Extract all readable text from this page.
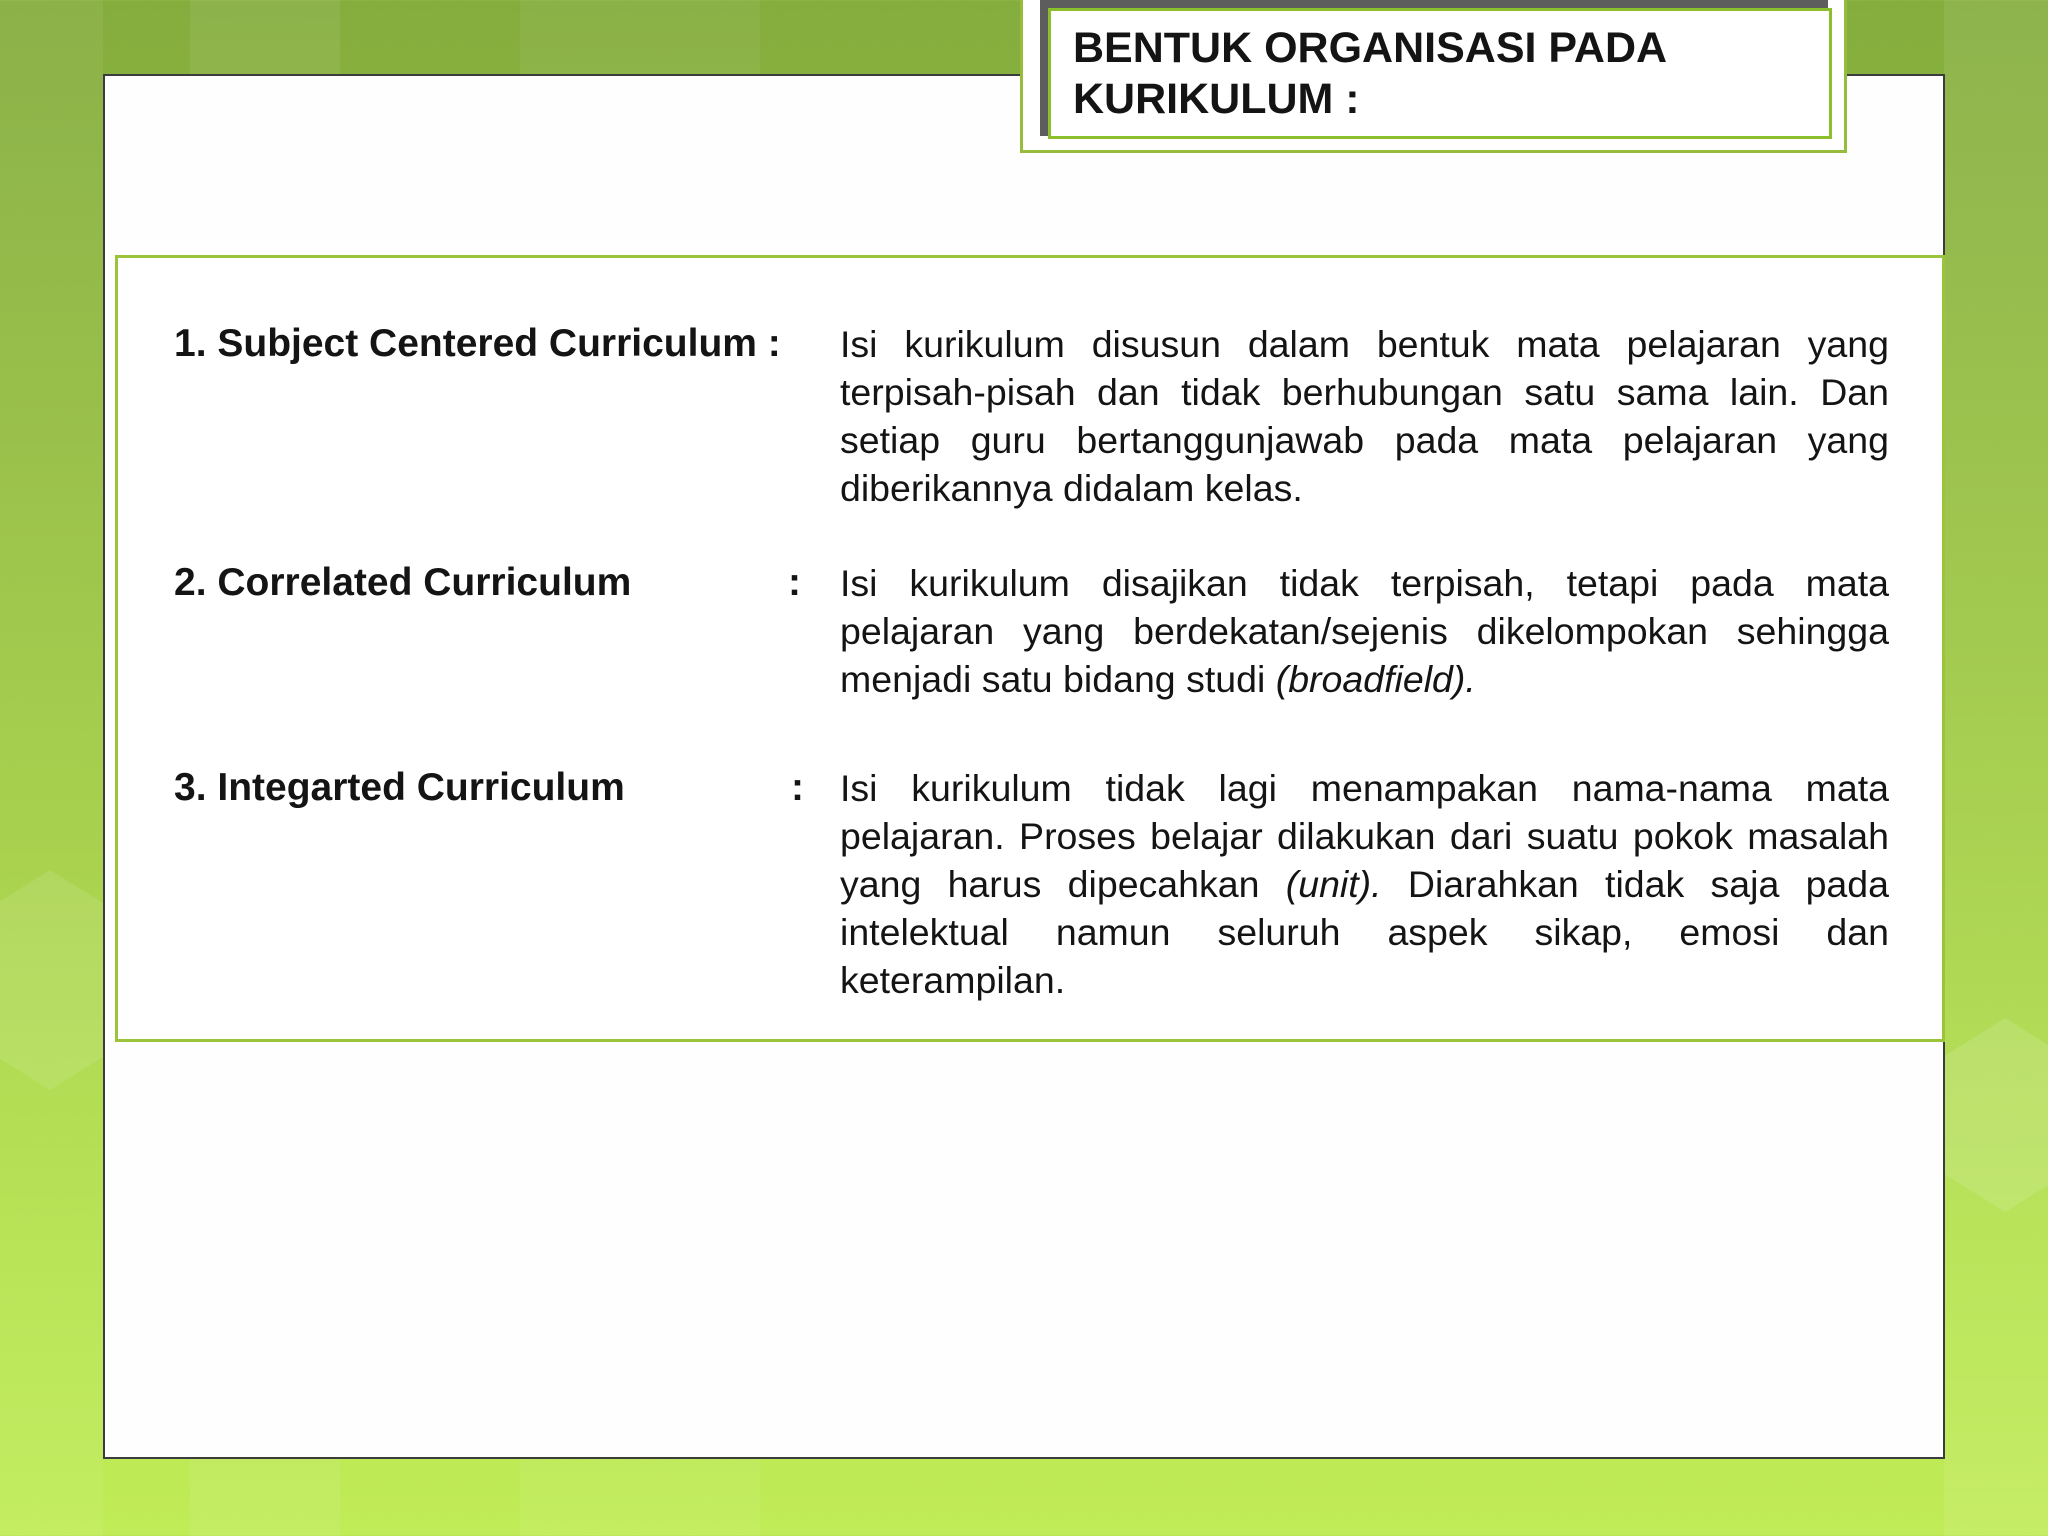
BENTUK ORGANISASI PADA KURIKULUM :
1. Subject Centered Curriculum :	Isi kurikulum disusun dalam bentuk mata pelajaran yang terpisah-pisah dan tidak berhubungan satu sama lain. Dan setiap guru bertanggunjawab pada mata pelajaran yang diberikannya didalam kelas.
2. Correlated Curriculum	: Isi kurikulum disajikan tidak terpisah, tetapi pada mata pelajaran yang berdekatan/sejenis dikelompokan sehingga menjadi satu bidang studi (broadfield).
3. Integarted Curriculum	: Isi kurikulum tidak lagi menampakan nama-nama mata pelajaran. Proses belajar dilakukan dari suatu pokok masalah yang harus dipecahkan (unit). Diarahkan tidak saja pada intelektual namun seluruh aspek sikap, emosi dan keterampilan.
